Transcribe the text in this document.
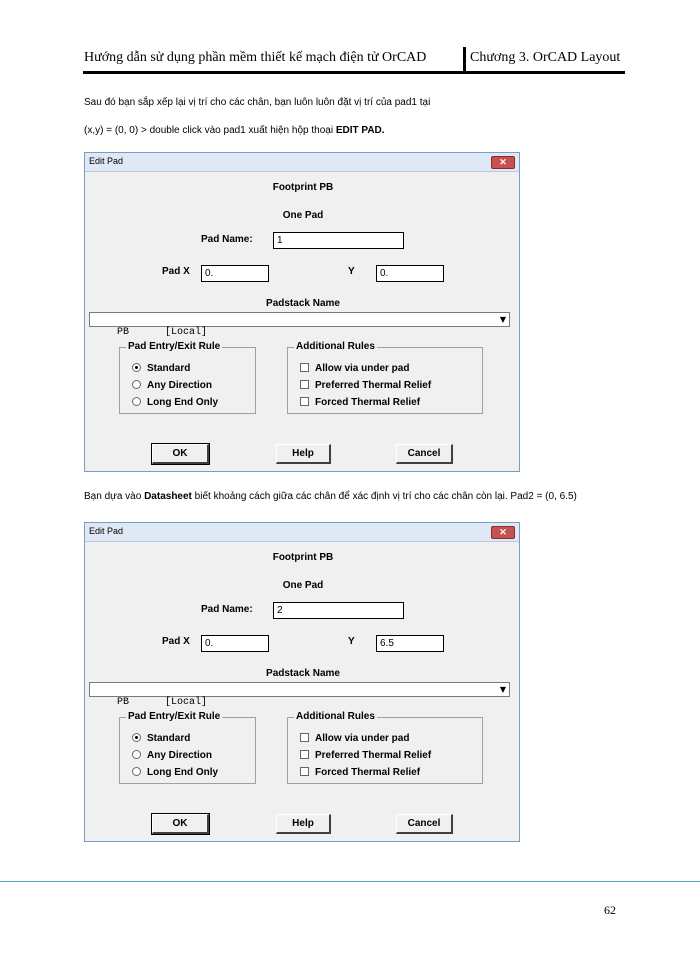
Hướng dẫn sử dụng phần mềm thiết kế mạch điện tử OrCAD	Chương 3. OrCAD Layout
Sau đó bạn sắp xếp lại vị trí cho các chân, bạn luôn luôn đặt vị trí của pad1 tại
(x,y) = (0, 0) > double click vào pad1 xuất hiện hộp thoại EDIT PAD.
Edit Pad	✕
Footprint PB
One Pad
Pad Name:	1
Pad X	0.	Y	0.
Padstack Name

PB      [Local]

▼

Pad Entry/Exit Rule
Standard
Any Direction
Long End Only
Additional Rules
Allow via under pad
Preferred Thermal Relief
Forced Thermal Relief
OK	Help	Cancel
Bạn dựa vào Datasheet biết khoảng cách giữa các chân để xác định vị trí cho các chân còn lại. Pad2 = (0, 6.5)
Edit Pad	✕
Footprint PB
One Pad
Pad Name:	2
Pad X	0.	Y	6.5
Padstack Name

PB      [Local]

▼

Pad Entry/Exit Rule
Standard
Any Direction
Long End Only
Additional Rules
Allow via under pad
Preferred Thermal Relief
Forced Thermal Relief
OK	Help	Cancel
62
